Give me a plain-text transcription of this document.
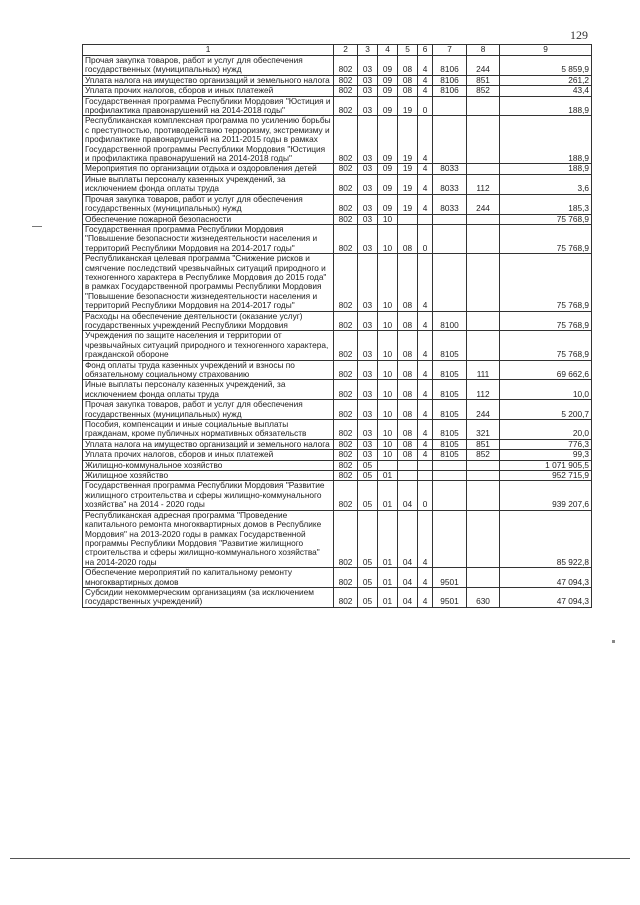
129
1	2	3	4	5	6	7	8	9
Прочая закупка товаров, работ и услуг для обеспечения государственных (муниципальных) нужд	802	03	09	08	4	8106	244	5 859,9
Уплата налога на имущество организаций и земельного налога	802	03	09	08	4	8106	851	261,2
Уплата прочих налогов, сборов и иных платежей	802	03	09	08	4	8106	852	43,4
Государственная программа Республики Мордовия "Юстиция и профилактика правонарушений на 2014-2018 годы"	802	03	09	19	0			188,9
Республиканская комплексная программа по усилению борьбы с преступностью, противодействию терроризму, экстремизму и профилактике правонарушений на 2011-2015 годы в рамках Государственной программы Республики Мордовия "Юстиция и профилактика правонарушений на 2014-2018 годы"	802	03	09	19	4			188,9
Мероприятия по организации отдыха и оздоровления детей	802	03	09	19	4	8033		188,9
Иные выплаты персоналу казенных учреждений, за исключением фонда оплаты труда	802	03	09	19	4	8033	112	3,6
Прочая закупка товаров, работ и услуг для обеспечения государственных (муниципальных) нужд	802	03	09	19	4	8033	244	185,3
Обеспечение пожарной безопасности	802	03	10					75 768,9
Государственная программа Республики Мордовия "Повышение безопасности жизнедеятельности населения и территорий Республики Мордовия на 2014-2017 годы"	802	03	10	08	0			75 768,9
Республиканская целевая программа "Снижение рисков и смягчение последствий чрезвычайных ситуаций природного и техногенного характера в Республике Мордовия до 2015 года" в рамках Государственной программы Республики Мордовия "Повышение безопасности жизнедеятельности населения и территорий Республики Мордовия на 2014-2017 годы"	802	03	10	08	4			75 768,9
Расходы на обеспечение деятельности (оказание услуг) государственных учреждений Республики Мордовия	802	03	10	08	4	8100		75 768,9
Учреждения по защите населения и территории от чрезвычайных ситуаций природного и техногенного характера, гражданской обороне	802	03	10	08	4	8105		75 768,9
Фонд оплаты труда казенных учреждений и взносы по обязательному социальному страхованию	802	03	10	08	4	8105	111	69 662,6
Иные выплаты персоналу казенных учреждений, за исключением фонда оплаты труда	802	03	10	08	4	8105	112	10,0
Прочая закупка товаров, работ и услуг для обеспечения государственных (муниципальных) нужд	802	03	10	08	4	8105	244	5 200,7
Пособия, компенсации и иные социальные выплаты гражданам, кроме публичных нормативных обязательств	802	03	10	08	4	8105	321	20,0
Уплата налога на имущество организаций и земельного налога	802	03	10	08	4	8105	851	776,3
Уплата прочих налогов, сборов и иных платежей	802	03	10	08	4	8105	852	99,3
Жилищно-коммунальное хозяйство	802	05						1 071 905,5
Жилищное хозяйство	802	05	01					952 715,9
Государственная программа Республики Мордовия "Развитие жилищного строительства и сферы жилищно-коммунального хозяйства" на 2014 - 2020 годы	802	05	01	04	0			939 207,6
Республиканская адресная программа "Проведение капитального ремонта многоквартирных домов в Республике Мордовия" на 2013-2020 годы в рамках Государственной программы Республики Мордовия "Развитие жилищного строительства и сферы жилищно-коммунального хозяйства" на 2014-2020 годы	802	05	01	04	4			85 922,8
Обеспечение мероприятий по капитальному ремонту многоквартирных домов	802	05	01	04	4	9501		47 094,3
Субсидии некоммерческим организациям (за исключением государственных учреждений)	802	05	01	04	4	9501	630	47 094,3
